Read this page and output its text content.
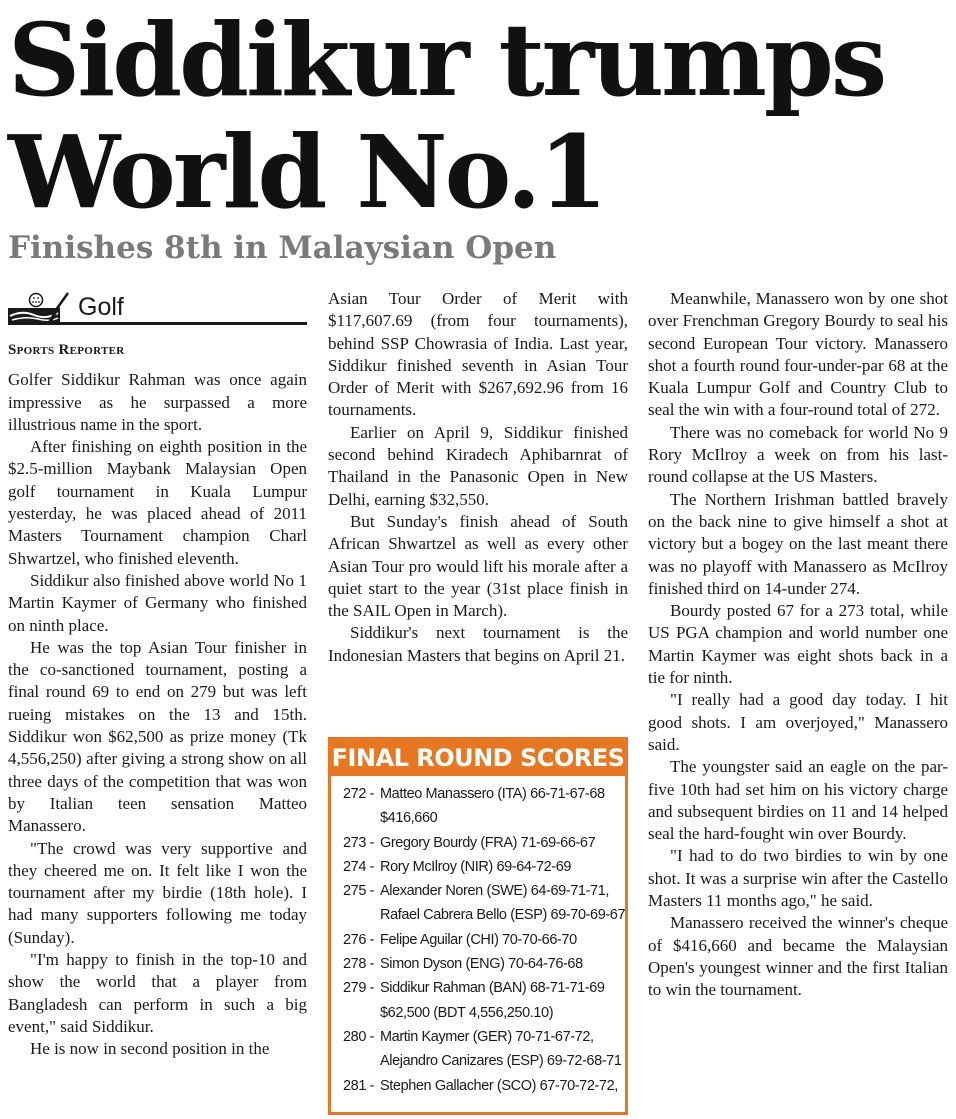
Siddikur trumps
World No.1
Finishes 8th in Malaysian Open
Golf
Sports Reporter

Golfer Siddikur Rahman was once again impressive as he surpassed a more illustrious name in the sport.

After finishing on eighth position in the $2.5-million Maybank Malaysian Open golf tournament in Kuala Lumpur yesterday, he was placed ahead of 2011 Masters Tournament champion Charl Shwartzel, who finished eleventh.

Siddikur also finished above world No 1 Martin Kaymer of Germany who finished on ninth place.

He was the top Asian Tour finisher in the co-sanctioned tournament, posting a final round 69 to end on 279 but was left rueing mistakes on the 13 and 15th. Siddikur won $62,500 as prize money (Tk 4,556,250) after giving a strong show on all three days of the competition that was won by Italian teen sensation Matteo Manassero.

"The crowd was very supportive and they cheered me on. It felt like I won the tournament after my birdie (18th hole). I had many supporters following me today (Sunday).

"I'm happy to finish in the top-10 and show the world that a player from Bangladesh can perform in such a big event," said Siddikur.

He is now in second position in the

Asian Tour Order of Merit with $117,607.69 (from four tournaments), behind SSP Chowrasia of India. Last year, Siddikur finished seventh in Asian Tour Order of Merit with $267,692.96 from 16 tournaments.

Earlier on April 9, Siddikur finished second behind Kiradech Aphibarnrat of Thailand in the Panasonic Open in New Delhi, earning $32,550.

But Sunday's finish ahead of South African Shwartzel as well as every other Asian Tour pro would lift his morale after a quiet start to the year (31st place finish in the SAIL Open in March).

Siddikur's next tournament is the Indonesian Masters that begins on April 21.

FINAL ROUND SCORES
272 - Matteo Manassero (ITA) 66-71-67-68
$416,660
273 - Gregory Bourdy (FRA) 71-69-66-67
274 - Rory McIlroy (NIR) 69-64-72-69
275 - Alexander Noren (SWE) 64-69-71-71,
Rafael Cabrera Bello (ESP) 69-70-69-67
276 - Felipe Aguilar (CHI) 70-70-66-70
278 - Simon Dyson (ENG) 70-64-76-68
279 - Siddikur Rahman (BAN) 68-71-71-69
$62,500 (BDT 4,556,250.10)
280 - Martin Kaymer (GER) 70-71-67-72,
Alejandro Canizares (ESP) 69-72-68-71
281 - Stephen Gallacher (SCO) 67-70-72-72,

Meanwhile, Manassero won by one shot over Frenchman Gregory Bourdy to seal his second European Tour victory. Manassero shot a fourth round four-under-par 68 at the Kuala Lumpur Golf and Country Club to seal the win with a four-round total of 272.

There was no comeback for world No 9 Rory McIlroy a week on from his last-round collapse at the US Masters.

The Northern Irishman battled bravely on the back nine to give himself a shot at victory but a bogey on the last meant there was no playoff with Manassero as McIlroy finished third on 14-under 274.

Bourdy posted 67 for a 273 total, while US PGA champion and world number one Martin Kaymer was eight shots back in a tie for ninth.

"I really had a good day today. I hit good shots. I am overjoyed," Manassero said.

The youngster said an eagle on the par-five 10th had set him on his victory charge and subsequent birdies on 11 and 14 helped seal the hard-fought win over Bourdy.

"I had to do two birdies to win by one shot. It was a surprise win after the Castello Masters 11 months ago," he said.

Manassero received the winner's cheque of $416,660 and became the Malaysian Open's youngest winner and the first Italian to win the tournament.
